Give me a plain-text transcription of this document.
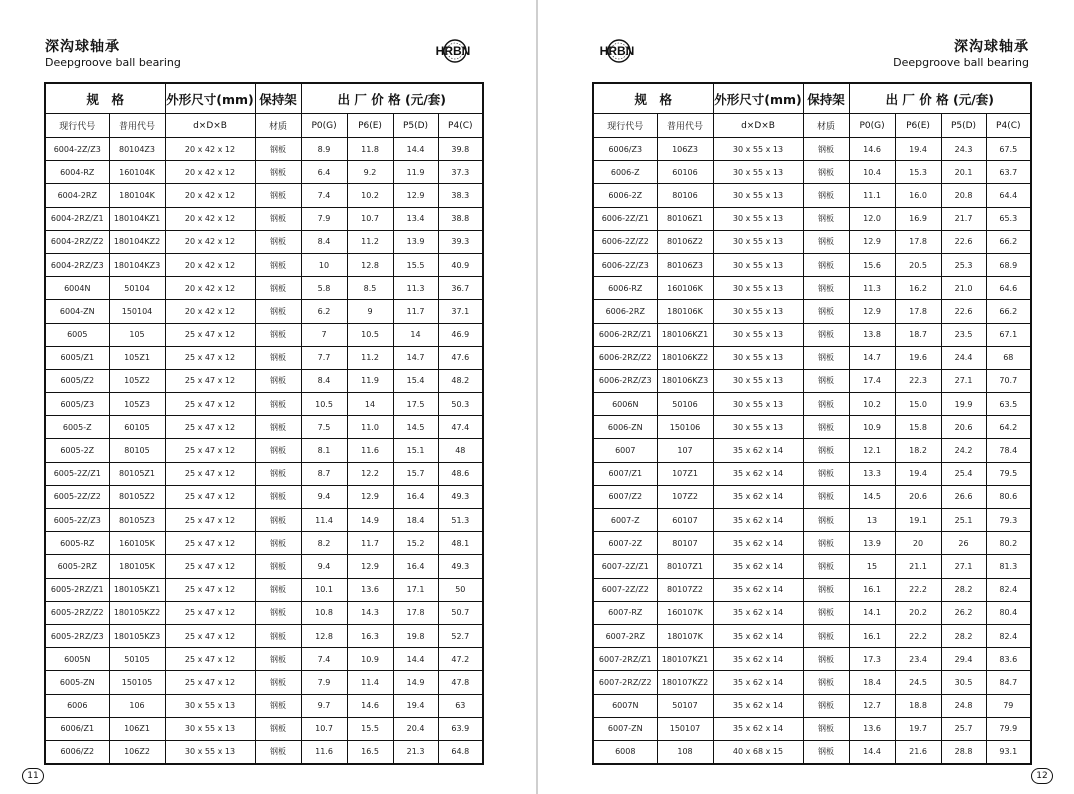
深沟球轴承
Deepgroove ball bearing
HRBN
规　格		外形尺寸(mm)	保持架	出 厂 价 格 (元/套)			
现行代号	普用代号	d×D×B	材质	P0(G)	P6(E)	P5(D)	P4(C)
6004-2Z/Z3	80104Z3	20 x 42 x 12	钢板	8.9	11.8	14.4	39.8
6004-RZ	160104K	20 x 42 x 12	钢板	6.4	9.2	11.9	37.3
6004-2RZ	180104K	20 x 42 x 12	钢板	7.4	10.2	12.9	38.3
6004-2RZ/Z1	180104KZ1	20 x 42 x 12	钢板	7.9	10.7	13.4	38.8
6004-2RZ/Z2	180104KZ2	20 x 42 x 12	钢板	8.4	11.2	13.9	39.3
6004-2RZ/Z3	180104KZ3	20 x 42 x 12	钢板	10	12.8	15.5	40.9
6004N	50104	20 x 42 x 12	钢板	5.8	8.5	11.3	36.7
6004-ZN	150104	20 x 42 x 12	钢板	6.2	9	11.7	37.1
6005	105	25 x 47 x 12	钢板	7	10.5	14	46.9
6005/Z1	105Z1	25 x 47 x 12	钢板	7.7	11.2	14.7	47.6
6005/Z2	105Z2	25 x 47 x 12	钢板	8.4	11.9	15.4	48.2
6005/Z3	105Z3	25 x 47 x 12	钢板	10.5	14	17.5	50.3
6005-Z	60105	25 x 47 x 12	钢板	7.5	11.0	14.5	47.4
6005-2Z	80105	25 x 47 x 12	钢板	8.1	11.6	15.1	48
6005-2Z/Z1	80105Z1	25 x 47 x 12	钢板	8.7	12.2	15.7	48.6
6005-2Z/Z2	80105Z2	25 x 47 x 12	钢板	9.4	12.9	16.4	49.3
6005-2Z/Z3	80105Z3	25 x 47 x 12	钢板	11.4	14.9	18.4	51.3
6005-RZ	160105K	25 x 47 x 12	钢板	8.2	11.7	15.2	48.1
6005-2RZ	180105K	25 x 47 x 12	钢板	9.4	12.9	16.4	49.3
6005-2RZ/Z1	180105KZ1	25 x 47 x 12	钢板	10.1	13.6	17.1	50
6005-2RZ/Z2	180105KZ2	25 x 47 x 12	钢板	10.8	14.3	17.8	50.7
6005-2RZ/Z3	180105KZ3	25 x 47 x 12	钢板	12.8	16.3	19.8	52.7
6005N	50105	25 x 47 x 12	钢板	7.4	10.9	14.4	47.2
6005-ZN	150105	25 x 47 x 12	钢板	7.9	11.4	14.9	47.8
6006	106	30 x 55 x 13	钢板	9.7	14.6	19.4	63
6006/Z1	106Z1	30 x 55 x 13	钢板	10.7	15.5	20.4	63.9
6006/Z2	106Z2	30 x 55 x 13	钢板	11.6	16.5	21.3	64.8
11
深沟球轴承
Deepgroove ball bearing
HRBN
规　格		外形尺寸(mm)	保持架	出 厂 价 格 (元/套)			
现行代号	普用代号	d×D×B	材质	P0(G)	P6(E)	P5(D)	P4(C)
6006/Z3	106Z3	30 x 55 x 13	钢板	14.6	19.4	24.3	67.5
6006-Z	60106	30 x 55 x 13	钢板	10.4	15.3	20.1	63.7
6006-2Z	80106	30 x 55 x 13	钢板	11.1	16.0	20.8	64.4
6006-2Z/Z1	80106Z1	30 x 55 x 13	钢板	12.0	16.9	21.7	65.3
6006-2Z/Z2	80106Z2	30 x 55 x 13	钢板	12.9	17.8	22.6	66.2
6006-2Z/Z3	80106Z3	30 x 55 x 13	钢板	15.6	20.5	25.3	68.9
6006-RZ	160106K	30 x 55 x 13	钢板	11.3	16.2	21.0	64.6
6006-2RZ	180106K	30 x 55 x 13	钢板	12.9	17.8	22.6	66.2
6006-2RZ/Z1	180106KZ1	30 x 55 x 13	钢板	13.8	18.7	23.5	67.1
6006-2RZ/Z2	180106KZ2	30 x 55 x 13	钢板	14.7	19.6	24.4	68
6006-2RZ/Z3	180106KZ3	30 x 55 x 13	钢板	17.4	22.3	27.1	70.7
6006N	50106	30 x 55 x 13	钢板	10.2	15.0	19.9	63.5
6006-ZN	150106	30 x 55 x 13	钢板	10.9	15.8	20.6	64.2
6007	107	35 x 62 x 14	钢板	12.1	18.2	24.2	78.4
6007/Z1	107Z1	35 x 62 x 14	钢板	13.3	19.4	25.4	79.5
6007/Z2	107Z2	35 x 62 x 14	钢板	14.5	20.6	26.6	80.6
6007-Z	60107	35 x 62 x 14	钢板	13	19.1	25.1	79.3
6007-2Z	80107	35 x 62 x 14	钢板	13.9	20	26	80.2
6007-2Z/Z1	80107Z1	35 x 62 x 14	钢板	15	21.1	27.1	81.3
6007-2Z/Z2	80107Z2	35 x 62 x 14	钢板	16.1	22.2	28.2	82.4
6007-RZ	160107K	35 x 62 x 14	钢板	14.1	20.2	26.2	80.4
6007-2RZ	180107K	35 x 62 x 14	钢板	16.1	22.2	28.2	82.4
6007-2RZ/Z1	180107KZ1	35 x 62 x 14	钢板	17.3	23.4	29.4	83.6
6007-2RZ/Z2	180107KZ2	35 x 62 x 14	钢板	18.4	24.5	30.5	84.7
6007N	50107	35 x 62 x 14	钢板	12.7	18.8	24.8	79
6007-ZN	150107	35 x 62 x 14	钢板	13.6	19.7	25.7	79.9
6008	108	40 x 68 x 15	钢板	14.4	21.6	28.8	93.1
12
